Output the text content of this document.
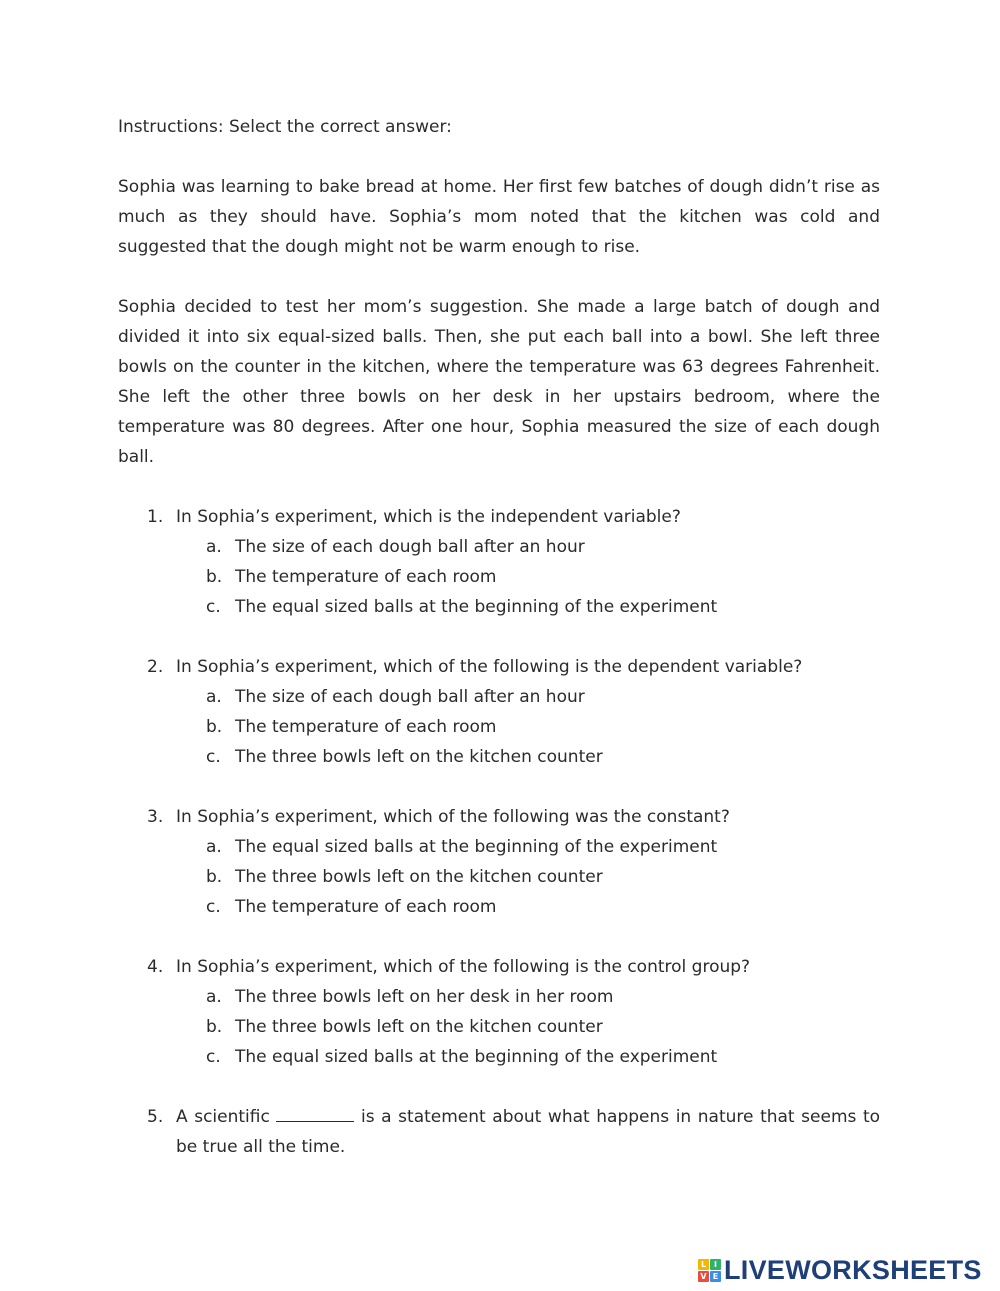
Instructions: Select the correct answer:

Sophia was learning to bake bread at home. Her first few batches of dough didn’t rise as much as they should have. Sophia’s mom noted that the kitchen was cold and suggested that the dough might not be warm enough to rise.

Sophia decided to test her mom’s suggestion. She made a large batch of dough and divided it into six equal-sized balls. Then, she put each ball into a bowl. She left three bowls on the counter in the kitchen, where the temperature was 63 degrees Fahrenheit. She left the other three bowls on her desk in her upstairs bedroom, where the temperature was 80 degrees. After one hour, Sophia measured the size of each dough ball.

1. In Sophia’s experiment, which is the independent variable?
a. The size of each dough ball after an hour
b. The temperature of each room
c. The equal sized balls at the beginning of the experiment
2. In Sophia’s experiment, which of the following is the dependent variable?
a. The size of each dough ball after an hour
b. The temperature of each room
c. The three bowls left on the kitchen counter
3. In Sophia’s experiment, which of the following was the constant?
a. The equal sized balls at the beginning of the experiment
b. The three bowls left on the kitchen counter
c. The temperature of each room
4. In Sophia’s experiment, which of the following is the control group?
a. The three bowls left on her desk in her room
b. The three bowls left on the kitchen counter
c. The equal sized balls at the beginning of the experiment
5. A scientific	is a statement about what happens in nature that seems to be true all the time.
L I
V E LIVEWORKSHEETS
